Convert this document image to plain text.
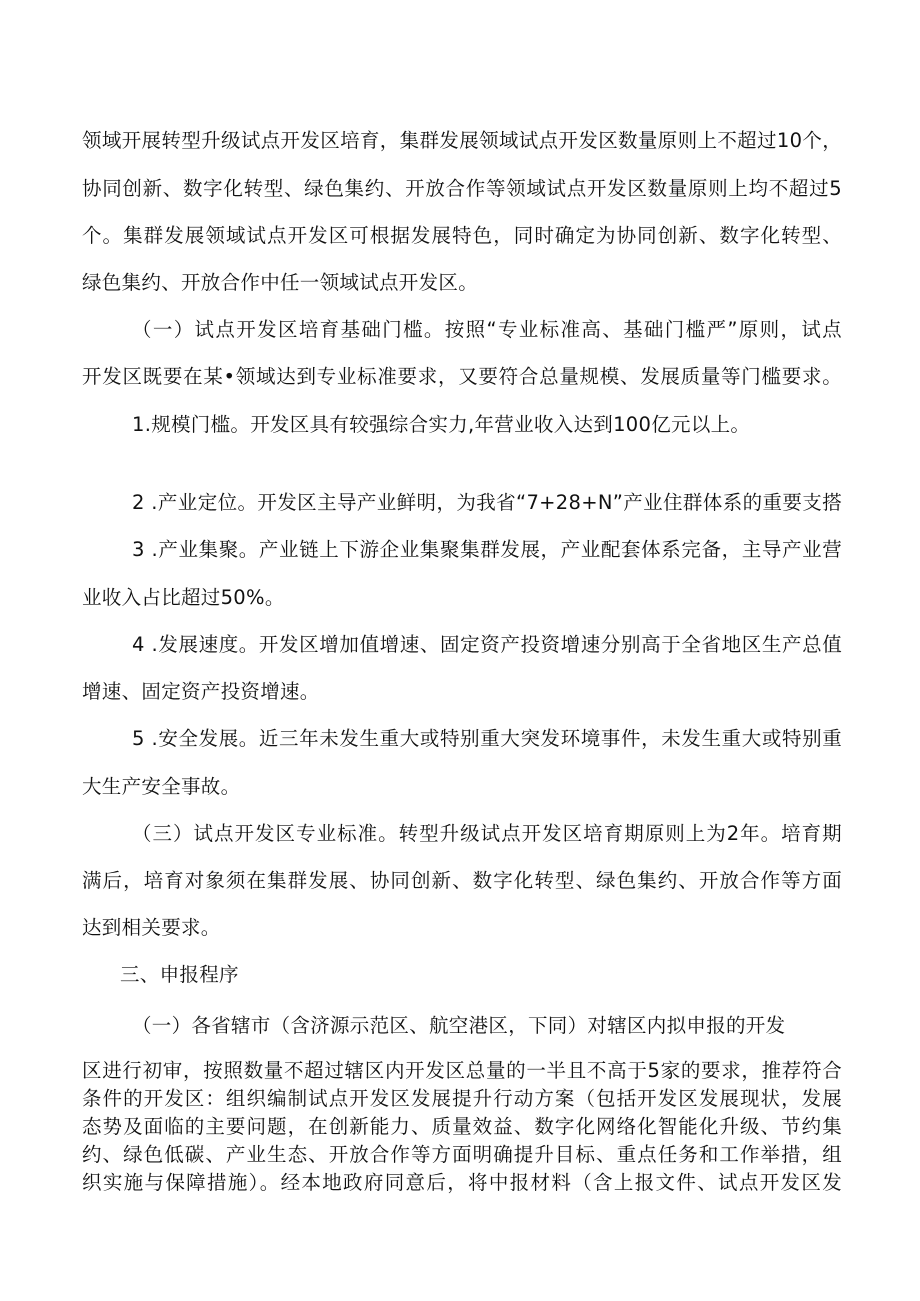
领域开展转型升级试点开发区培育，集群发展领域试点开发区数量原则上不超过10个，
协同创新、数字化转型、绿色集约、开放合作等领域试点开发区数量原则上均不超过5
个。集群发展领域试点开发区可根据发展特色，同时确定为协同创新、数字化转型、
绿色集约、开放合作中任一领域试点开发区。
（一）试点开发区培育基础门槛。按照“专业标准高、基础门槛严”原则，试点
开发区既要在某•领域达到专业标准要求，又要符合总量规模、发展质量等门槛要求。
1.规模门槛。开发区具有较强综合实力,年营业收入达到100亿元以上。
2 .产业定位。开发区主导产业鲜明，为我省“7+28+N”产业住群体系的重要支搭
3 .产业集聚。产业链上下游企业集聚集群发展，产业配套体系完备，主导产业营
业收入占比超过50%。
4 .发展速度。开发区增加值增速、固定资产投资增速分别高于全省地区生产总值
增速、固定资产投资增速。
5 .安全发展。近三年未发生重大或特别重大突发环境事件，未发生重大或特别重
大生产安全事故。
（三）试点开发区专业标准。转型升级试点开发区培育期原则上为2年。培育期
满后，培育对象须在集群发展、协同创新、数字化转型、绿色集约、开放合作等方面
达到相关要求。
三、申报程序
（一）各省辖市（含济源示范区、航空港区，下同）对辖区内拟申报的开发
区进行初审，按照数量不超过辖区内开发区总量的一半且不高于5家的要求，推荐符合
条件的开发区：组织编制试点开发区发展提升行动方案（包括开发区发展现状，发展
态势及面临的主要问题，在创新能力、质量效益、数字化网络化智能化升级、节约集
约、绿色低碳、产业生态、开放合作等方面明确提升目标、重点任务和工作举措，组
织实施与保障措施）。经本地政府同意后，将中报材料（含上报文件、试点开发区发
